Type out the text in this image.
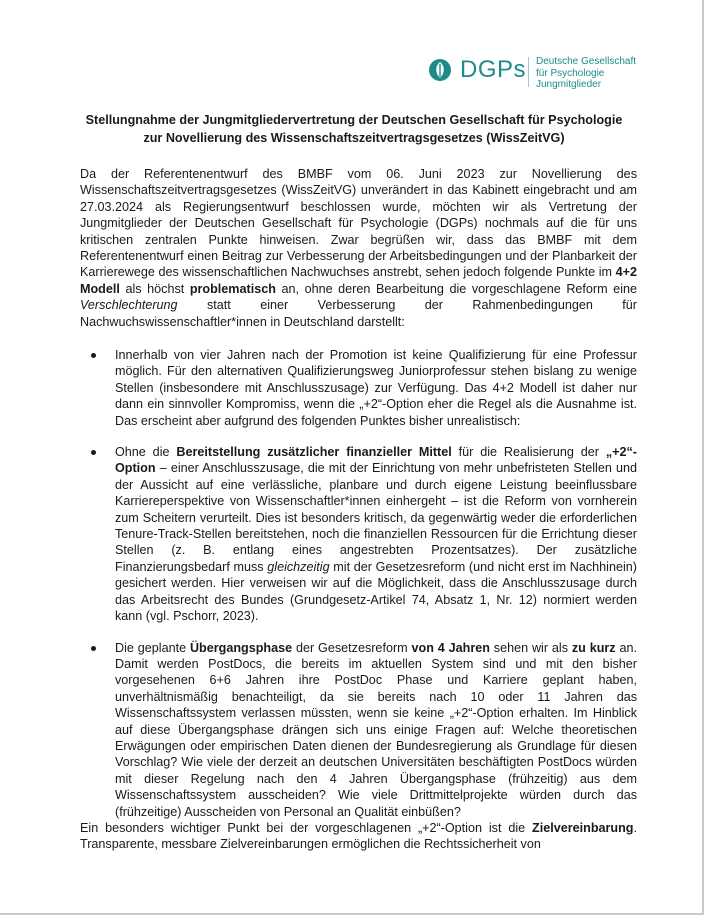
DGPs Deutsche Gesellschaft
für Psychologie
Jungmitglieder
Stellungnahme der Jungmitgliedervertretung der Deutschen Gesellschaft für Psychologie
zur Novellierung des Wissenschaftszeitvertragsgesetzes (WissZeitVG)
Da der Referentenentwurf des BMBF vom 06. Juni 2023 zur Novellierung des Wissenschaftszeitvertragsgesetzes (WissZeitVG) unverändert in das Kabinett eingebracht und am 27.03.2024 als Regierungsentwurf beschlossen wurde, möchten wir als Vertretung der Jungmitglieder der Deutschen Gesellschaft für Psychologie (DGPs) nochmals auf die für uns kritischen zentralen Punkte hinweisen. Zwar begrüßen wir, dass das BMBF mit dem Referentenentwurf einen Beitrag zur Verbesserung der Arbeitsbedingungen und der Planbarkeit der Karrierewege des wissenschaftlichen Nachwuchses anstrebt, sehen jedoch folgende Punkte im 4+2 Modell als höchst problematisch an, ohne deren Bearbeitung die vorgeschlagene Reform eine Verschlechterung statt einer Verbesserung der Rahmenbedingungen für Nachwuchswissenschaftler*innen in Deutschland darstellt:
Innerhalb von vier Jahren nach der Promotion ist keine Qualifizierung für eine Professur möglich. Für den alternativen Qualifizierungsweg Juniorprofessur stehen bislang zu wenige Stellen (insbesondere mit Anschlusszusage) zur Verfügung. Das 4+2 Modell ist daher nur dann ein sinnvoller Kompromiss, wenn die „+2“-Option eher die Regel als die Ausnahme ist. Das erscheint aber aufgrund des folgenden Punktes bisher unrealistisch:
Ohne die Bereitstellung zusätzlicher finanzieller Mittel für die Realisierung der „+2“-Option – einer Anschlusszusage, die mit der Einrichtung von mehr unbefristeten Stellen und der Aussicht auf eine verlässliche, planbare und durch eigene Leistung beeinflussbare Karriereperspektive von Wissenschaftler*innen einhergeht – ist die Reform von vornherein zum Scheitern verurteilt. Dies ist besonders kritisch, da gegenwärtig weder die erforderlichen Tenure-Track-Stellen bereitstehen, noch die finanziellen Ressourcen für die Errichtung dieser Stellen (z. B. entlang eines angestrebten Prozentsatzes). Der zusätzliche Finanzierungsbedarf muss gleichzeitig mit der Gesetzesreform (und nicht erst im Nachhinein) gesichert werden. Hier verweisen wir auf die Möglichkeit, dass die Anschlusszusage durch das Arbeitsrecht des Bundes (Grundgesetz-Artikel 74, Absatz 1, Nr. 12) normiert werden kann (vgl. Pschorr, 2023).
Die geplante Übergangsphase der Gesetzesreform von 4 Jahren sehen wir als zu kurz an. Damit werden PostDocs, die bereits im aktuellen System sind und mit den bisher vorgesehenen 6+6 Jahren ihre PostDoc Phase und Karriere geplant haben, unverhältnismäßig benachteiligt, da sie bereits nach 10 oder 11 Jahren das Wissenschaftssystem verlassen müssten, wenn sie keine „+2“-Option erhalten. Im Hinblick auf diese Übergangsphase drängen sich uns einige Fragen auf: Welche theoretischen Erwägungen oder empirischen Daten dienen der Bundesregierung als Grundlage für diesen Vorschlag? Wie viele der derzeit an deutschen Universitäten beschäftigten PostDocs würden mit dieser Regelung nach den 4 Jahren Übergangsphase (frühzeitig) aus dem Wissenschaftssystem ausscheiden? Wie viele Drittmittelprojekte würden durch das (frühzeitige) Ausscheiden von Personal an Qualität einbüßen?
Ein besonders wichtiger Punkt bei der vorgeschlagenen „+2“-Option ist die Zielvereinbarung. Transparente, messbare Zielvereinbarungen ermöglichen die Rechtssicherheit von
